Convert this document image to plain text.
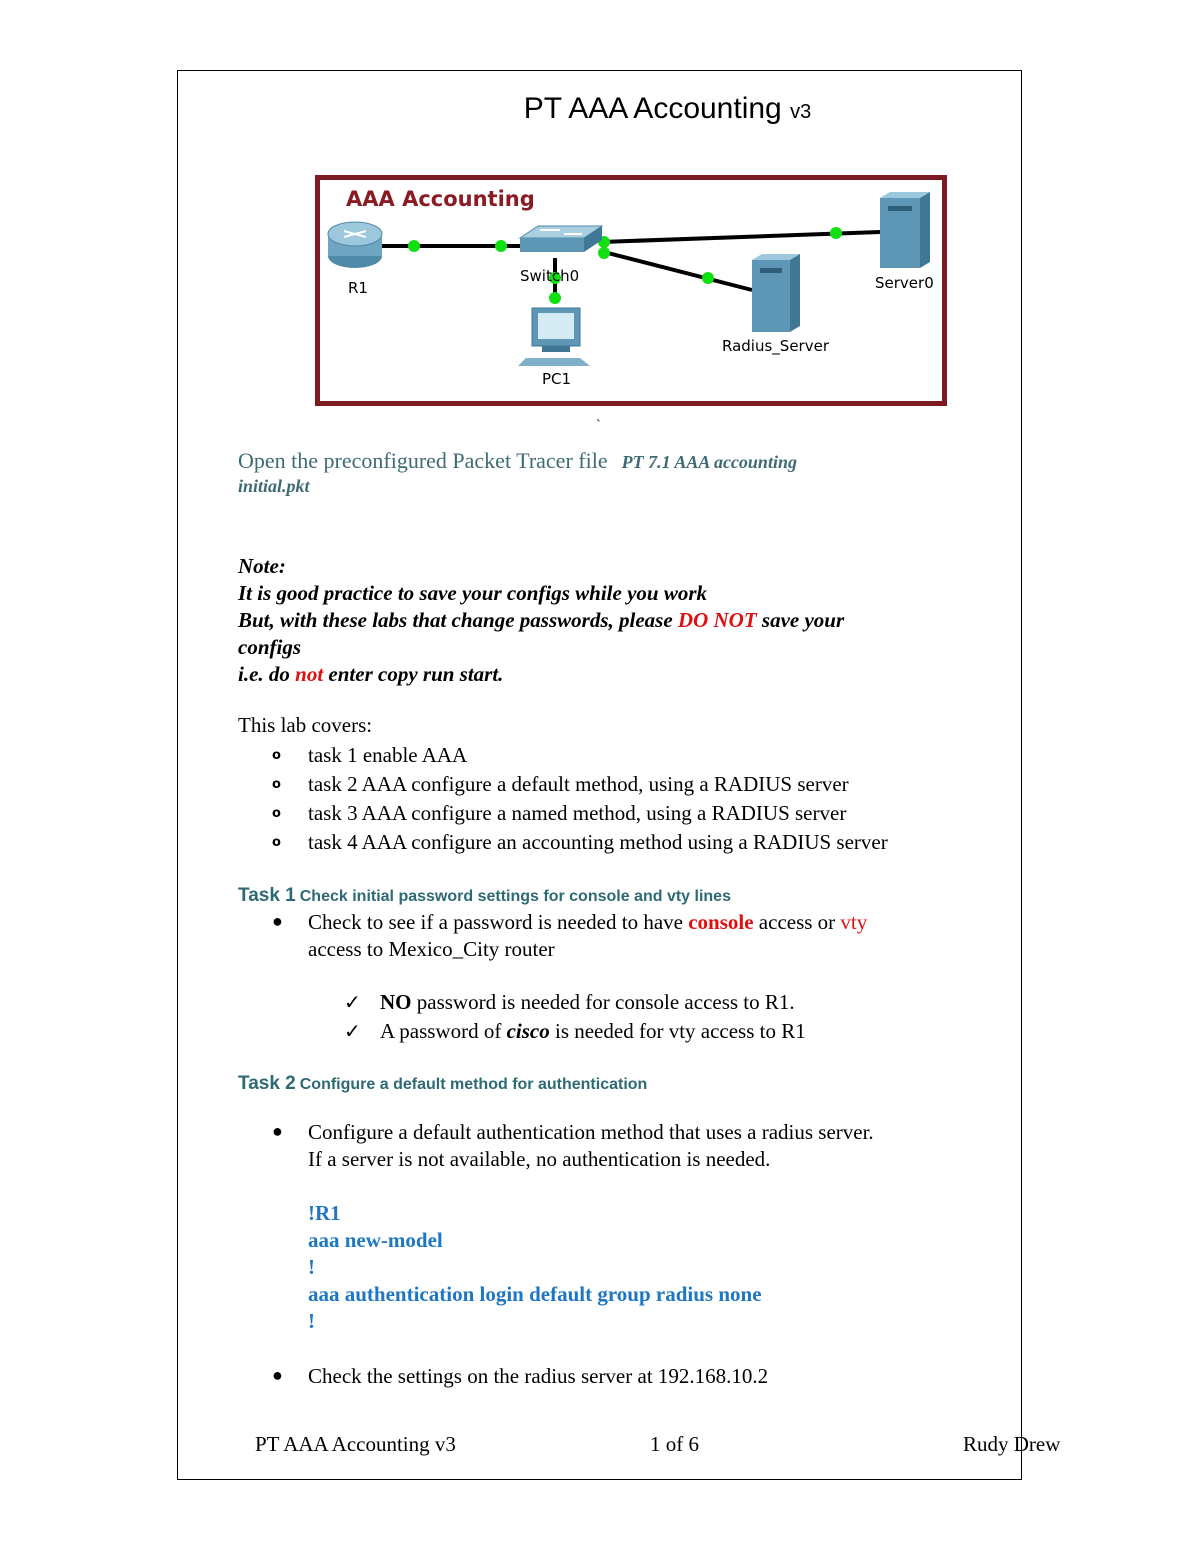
PT AAA Accounting v3
AAA Accounting
R1
Switch0	Server0
Radius_Server
PC1
`
Open the preconfigured Packet Tracer file PT 7.1 AAA accounting
initial.pkt
Note:
It is good practice to save your configs while you work
But, with these labs that change passwords, please DO NOT save your
configs
i.e. do not enter copy run start.
This lab covers:
o	task 1 enable AAA
o	task 2 AAA configure a default method, using a RADIUS server
o	task 3 AAA configure a named method, using a RADIUS server
o	task 4 AAA configure an accounting method using a RADIUS server
Task 1 Check initial password settings for console and vty lines
● Check to see if a password is needed to have console access or vty
access to Mexico_City router
✓ NO password is needed for console access to R1.
✓ A password of cisco is needed for vty access to R1
Task 2 Configure a default method for authentication
● Configure a default authentication method that uses a radius server.
If a server is not available, no authentication is needed.
!R1
aaa new-model
!
aaa authentication login default group radius none
!
● Check the settings on the radius server at 192.168.10.2
PT AAA Accounting v3	1 of 6	Rudy Drew
